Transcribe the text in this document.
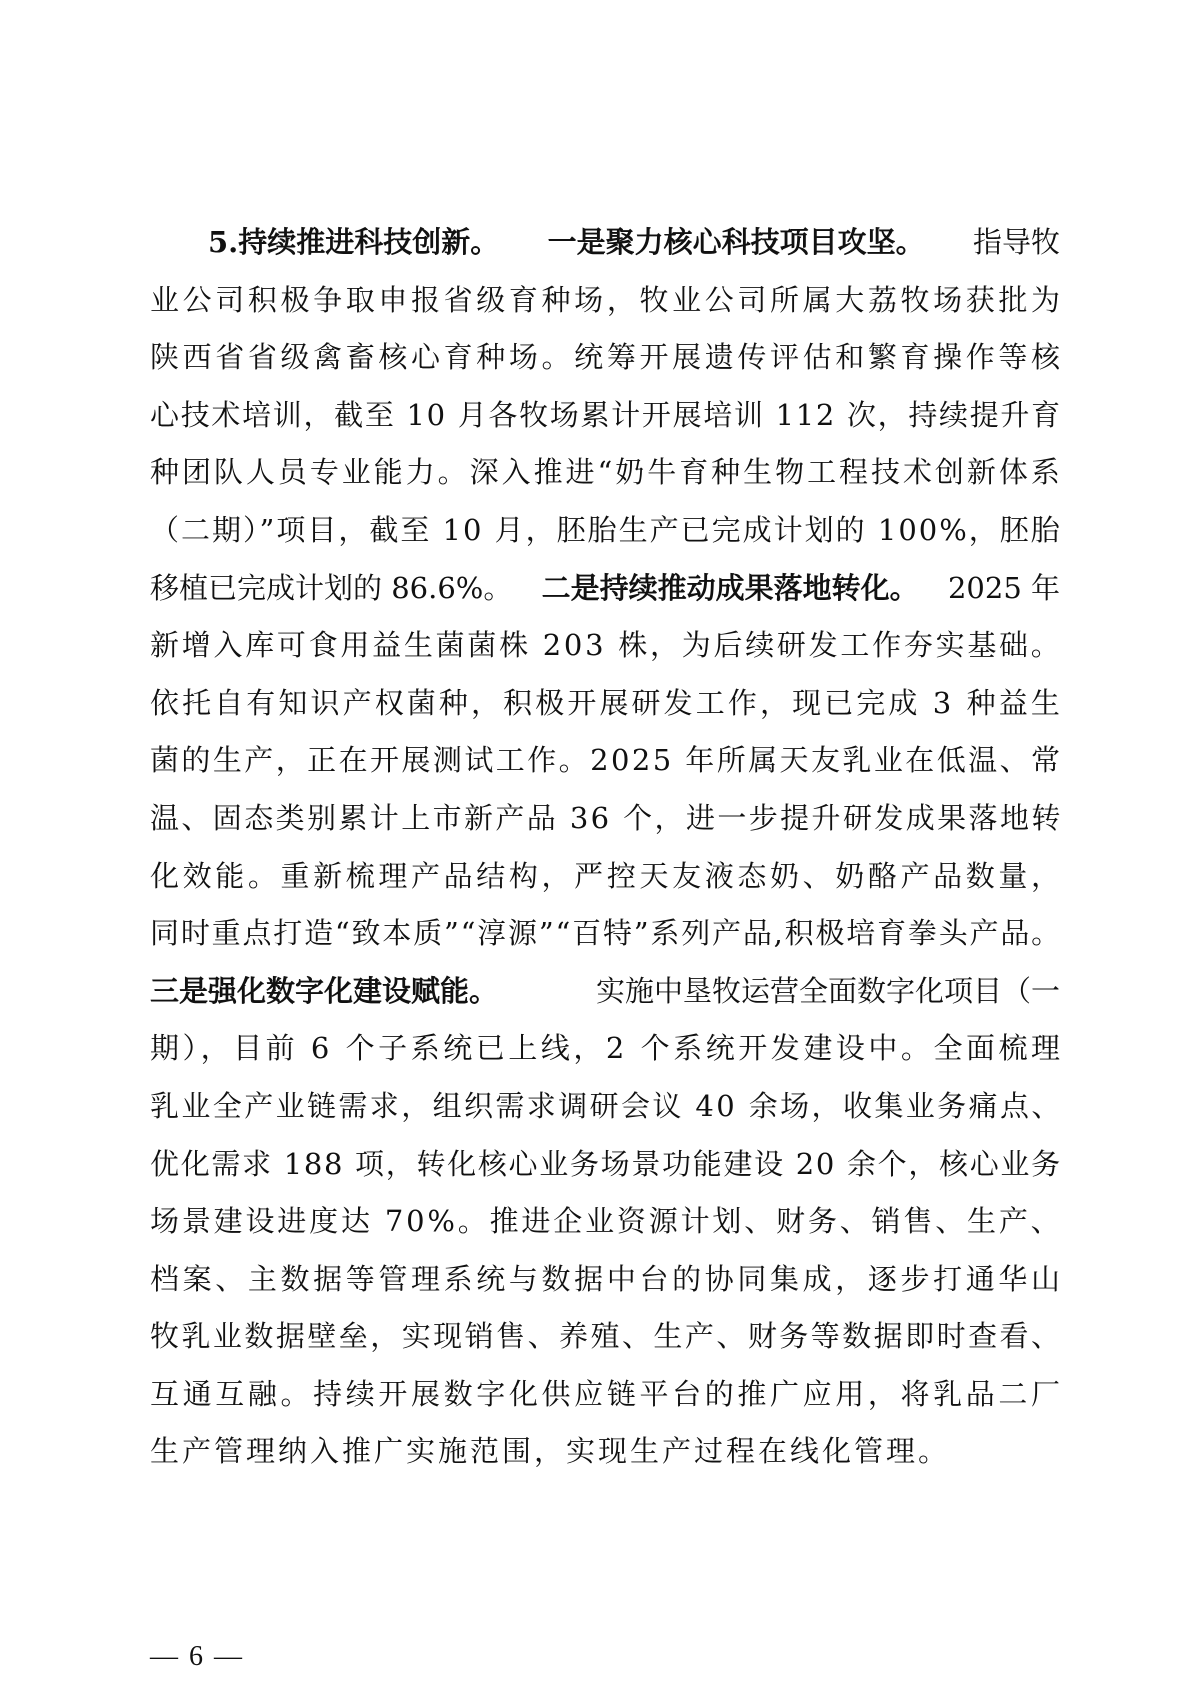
5.持续推进科技创新。 一是聚力核心科技项目攻坚。 指导牧
业公司积极争取申报省级育种场，牧业公司所属大荔牧场获批为
陕西省省级禽畜核心育种场。统筹开展遗传评估和繁育操作等核
心技术培训，截至 10 月各牧场累计开展培训 112 次，持续提升育
种团队人员专业能力。深入推进“奶牛育种生物工程技术创新体系
（二期）”项目，截至 10 月，胚胎生产已完成计划的 100%，胚胎
移植已完成计划的 86.6%。 二是持续推动成果落地转化。 2025 年
新增入库可食用益生菌菌株 203 株，为后续研发工作夯实基础。
依托自有知识产权菌种，积极开展研发工作，现已完成 3 种益生
菌的生产，正在开展测试工作。2025 年所属天友乳业在低温、常
温、固态类别累计上市新产品 36 个，进一步提升研发成果落地转
化效能。重新梳理产品结构，严控天友液态奶、奶酪产品数量，
同时重点打造“致本质”“淳源”“百特”系列产品,积极培育拳头产品。
三是强化数字化建设赋能。	实施中垦牧运营全面数字化项目（一
期），目前 6 个子系统已上线，2 个系统开发建设中。全面梳理
乳业全产业链需求，组织需求调研会议 40 余场，收集业务痛点、
优化需求 188 项，转化核心业务场景功能建设 20 余个，核心业务
场景建设进度达 70%。推进企业资源计划、财务、销售、生产、
档案、主数据等管理系统与数据中台的协同集成，逐步打通华山
牧乳业数据壁垒，实现销售、养殖、生产、财务等数据即时查看、
互通互融。持续开展数字化供应链平台的推广应用，将乳品二厂
生产管理纳入推广实施范围，实现生产过程在线化管理。
— 6 —
